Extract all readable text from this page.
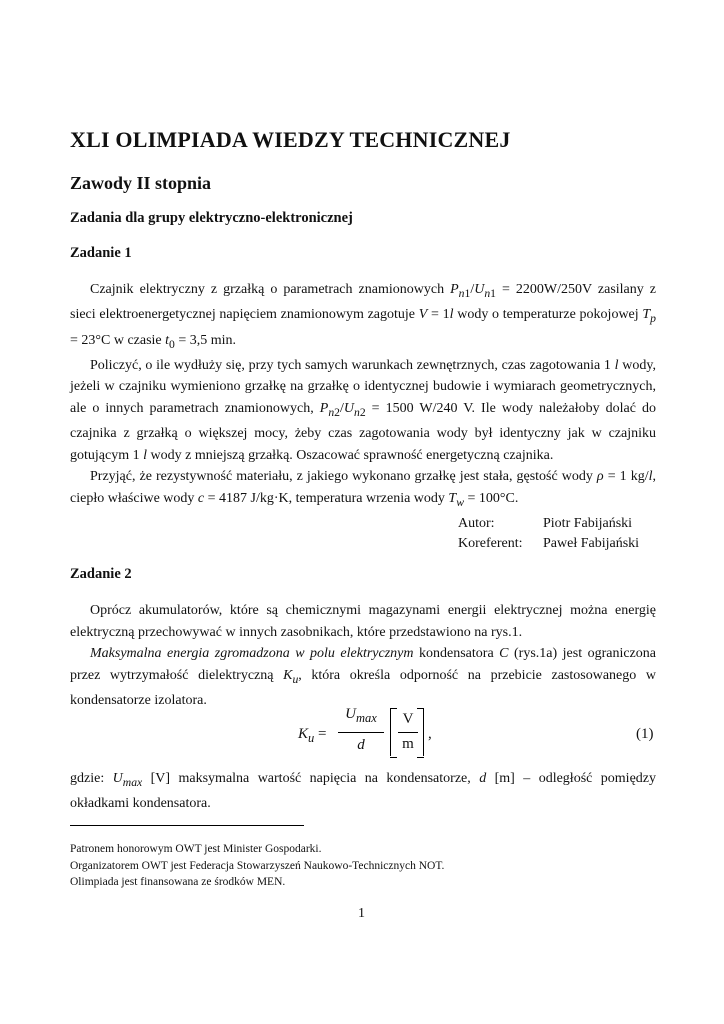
XLI OLIMPIADA WIEDZY TECHNICZNEJ
Zawody II stopnia
Zadania dla grupy elektryczno-elektronicznej
Zadanie 1

Czajnik elektryczny z grzałką o parametrach znamionowych $P_{n1}/U_{n1} = 2200W/250V$ zasilany z sieci elektroenergetycznej napięciem znamionowym zagotuje V = 1l wody o temperaturze pokojowej $T_p = 23^\circ C$ w czasie $t_0 = 3,5$ min.

Policzyć, o ile wydłuży się, przy tych samych warunkach zewnętrznych, czas zagotowania 1 l wody, jeżeli w czajniku wymieniono grzałkę na grzałkę o identycznej budowie i wymiarach geometrycznych, ale o innych parametrach znamionowych, $P_{n2}/U_{n2} = 1500$ W/240 V. Ile wody należałoby dolać do czajnika z grzałką o większej mocy, żeby czas zagotowania wody był identyczny jak w czajniku gotującym 1 l wody z mniejszą grzałką. Oszacować sprawność energetyczną czajnika.

Przyjąć, że rezystywność materiału, z jakiego wykonano grzałkę jest stała, gęstość wody ρ = 1 kg/l, ciepło właściwe wody c = 4187 J/kg·K, temperatura wrzenia wody $T_w = 100^\circ C$.

Autor:	Piotr Fabijański
Koreferent:	Paweł Fabijański
Zadanie 2

Oprócz akumulatorów, które są chemicznymi magazynami energii elektrycznej można energię elektryczną przechowywać w innych zasobnikach, które przedstawiono na rys.1.

Maksymalna energia zgromadzona w polu elektrycznym kondensatora C (rys.1a) jest ograniczona przez wytrzymałość dielektryczną $K_u$, która określa odporność na przebicie zastosowanego w kondensatorze izolatora.

$K_u$ =
$U_{max}$
d
V
m
,	(1)

gdzie: $U_{max}$ [V] maksymalna wartość napięcia na kondensatorze, d [m] – odległość pomiędzy okładkami kondensatora.

Patronem honorowym OWT jest Minister Gospodarki.
Organizatorem OWT jest Federacja Stowarzyszeń Naukowo-Technicznych NOT.
Olimpiada jest finansowana ze środków MEN.
1
